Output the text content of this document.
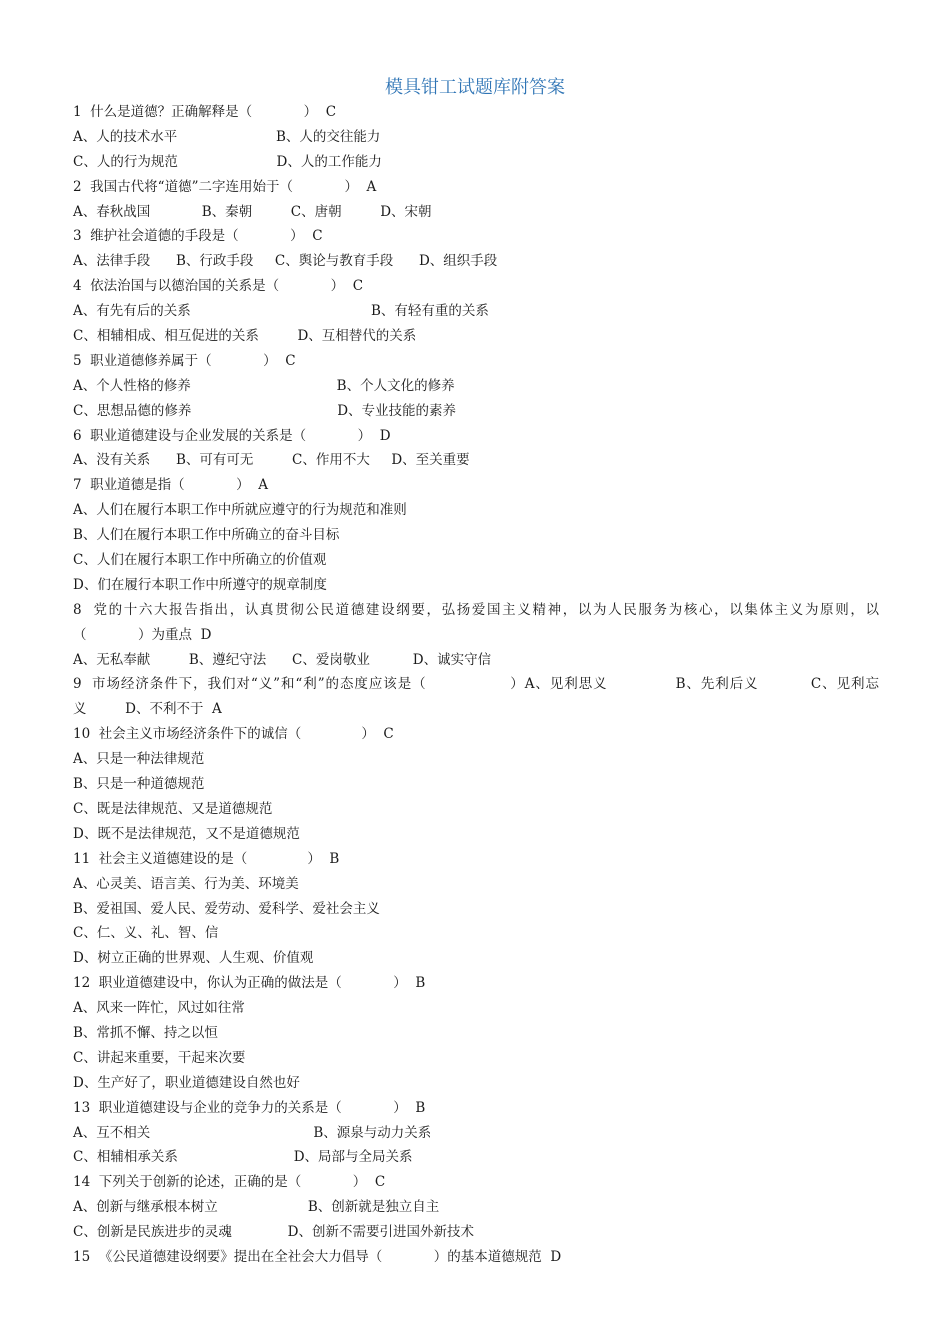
模具钳工试题库附答案
1  什么是道德？正确解释是（            ）  C
A、人的技术水平                       B、人的交往能力
C、人的行为规范                       D、人的工作能力
2  我国古代将“道德”二字连用始于（            ）  A
A、春秋战国            B、秦朝         C、唐朝         D、宋朝
3  维护社会道德的手段是（            ）  C
A、法律手段      B、行政手段     C、舆论与教育手段      D、组织手段
4  依法治国与以德治国的关系是（            ）  C
A、有先有后的关系                                          B、有轻有重的关系
C、相辅相成、相互促进的关系         D、互相替代的关系
5  职业道德修养属于（            ）  C
A、个人性格的修养                                  B、个人文化的修养
C、思想品德的修养                                  D、专业技能的素养
6  职业道德建设与企业发展的关系是（            ）  D
A、没有关系      B、可有可无         C、作用不大     D、至关重要
7  职业道德是指（            ）  A
A、人们在履行本职工作中所就应遵守的行为规范和准则
B、人们在履行本职工作中所确立的奋斗目标
C、人们在履行本职工作中所确立的价值观
D、们在履行本职工作中所遵守的规章制度
8  党的十六大报告指出，认真贯彻公民道德建设纲要，弘扬爱国主义精神，以为人民服务为核心，以集体主义为原则，以
（            ）为重点  D
A、无私奉献         B、遵纪守法      C、爱岗敬业          D、诚实守信
9  市场经济条件下，我们对“义”和“利”的态度应该是（                ）A、见利思义             B、先利后义          C、见利忘
义         D、不利不于  A
10  社会主义市场经济条件下的诚信（              ）  C
A、只是一种法律规范
B、只是一种道德规范
C、既是法律规范、又是道德规范
D、既不是法律规范，又不是道德规范
11  社会主义道德建设的是（              ）  B
A、心灵美、语言美、行为美、环境美
B、爱祖国、爱人民、爱劳动、爱科学、爱社会主义
C、仁、义、礼、智、信
D、树立正确的世界观、人生观、价值观
12  职业道德建设中，你认为正确的做法是（            ）  B
A、风来一阵忙，风过如往常
B、常抓不懈、持之以恒
C、讲起来重要，干起来次要
D、生产好了，职业道德建设自然也好
13  职业道德建设与企业的竞争力的关系是（            ）  B
A、互不相关                                      B、源泉与动力关系
C、相辅相承关系                           D、局部与全局关系
14  下列关于创新的论述，正确的是（            ）  C
A、创新与继承根本树立                     B、创新就是独立自主
C、创新是民族进步的灵魂             D、创新不需要引进国外新技术
15  《公民道德建设纲要》提出在全社会大力倡导（            ）的基本道德规范  D
